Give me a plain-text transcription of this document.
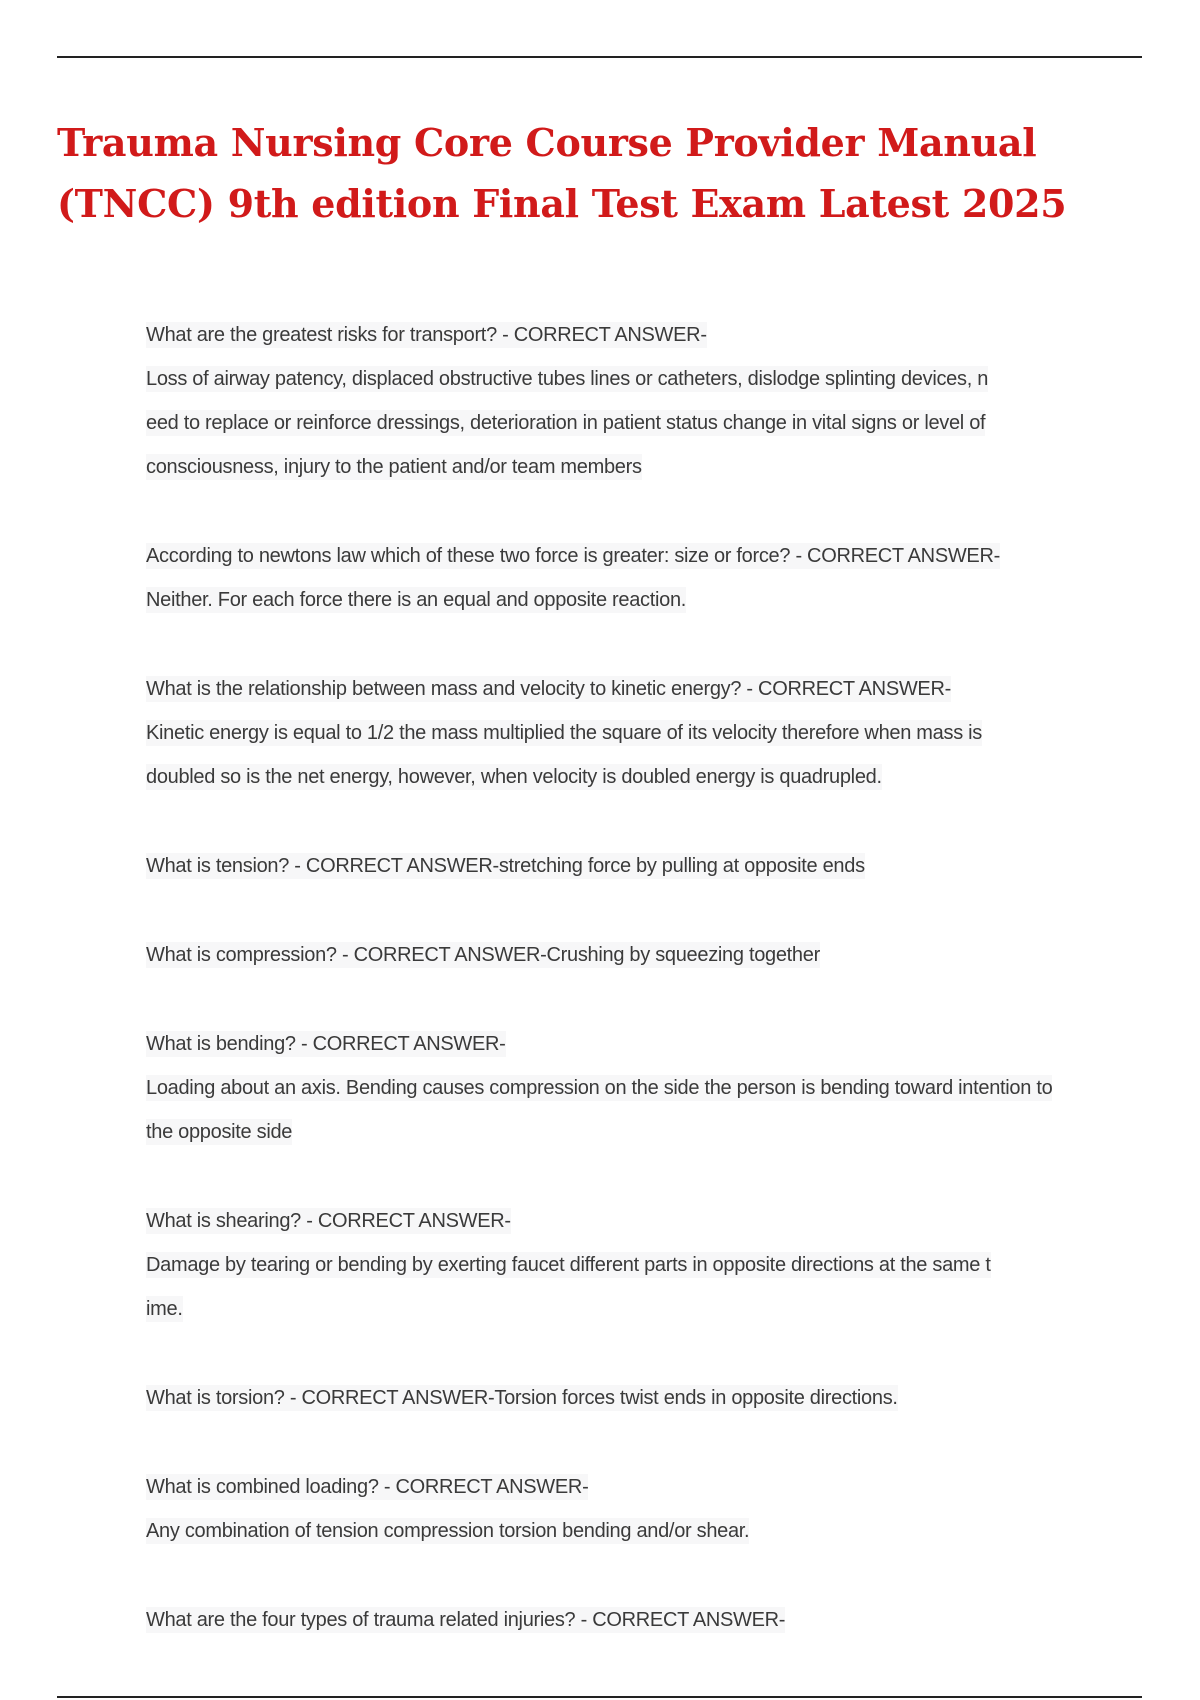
Trauma Nursing Core Course Provider Manual
(TNCC) 9th edition Final Test Exam Latest 2025

What are the greatest risks for transport? - CORRECT ANSWER-
Loss of airway patency, displaced obstructive tubes lines or catheters, dislodge splinting devices, n
eed to replace or reinforce dressings, deterioration in patient status change in vital signs or level of
consciousness, injury to the patient and/or team members

According to newtons law which of these two force is greater: size or force? - CORRECT ANSWER-
Neither. For each force there is an equal and opposite reaction.

What is the relationship between mass and velocity to kinetic energy? - CORRECT ANSWER-
Kinetic energy is equal to 1/2 the mass multiplied the square of its velocity therefore when mass is
doubled so is the net energy, however, when velocity is doubled energy is quadrupled.

What is tension? - CORRECT ANSWER-stretching force by pulling at opposite ends

What is compression? - CORRECT ANSWER-Crushing by squeezing together

What is bending? - CORRECT ANSWER-
Loading about an axis. Bending causes compression on the side the person is bending toward intention to
the opposite side

What is shearing? - CORRECT ANSWER-
Damage by tearing or bending by exerting faucet different parts in opposite directions at the same t
ime.

What is torsion? - CORRECT ANSWER-Torsion forces twist ends in opposite directions.

What is combined loading? - CORRECT ANSWER-
Any combination of tension compression torsion bending and/or shear.

What are the four types of trauma related injuries? - CORRECT ANSWER-
